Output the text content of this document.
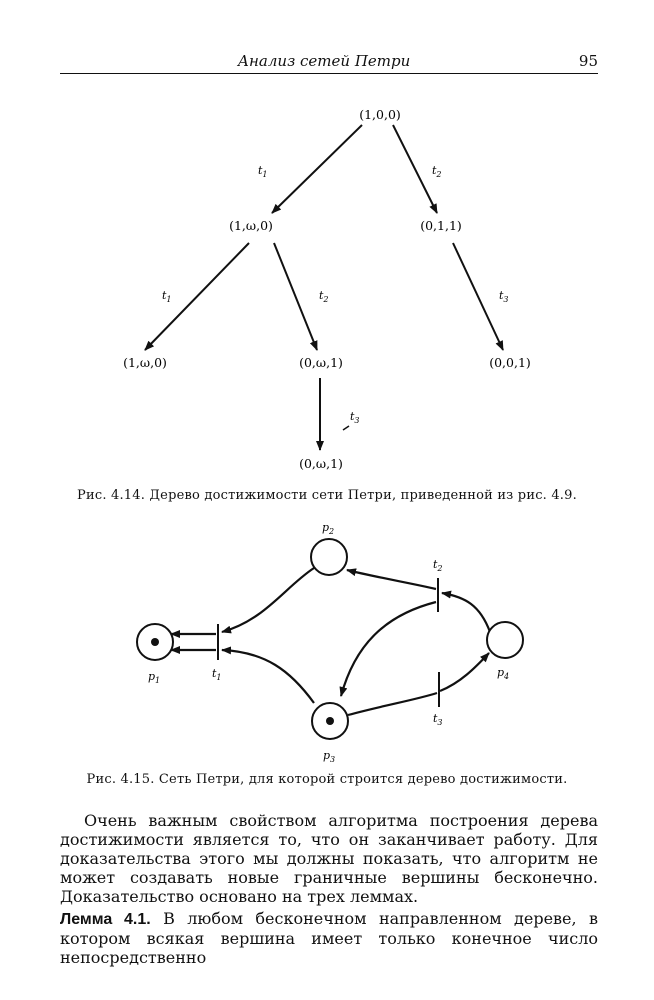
Анализ сетей Петри	95
(1,0,0)
(1,ω,0)	(0,1,1)
(1,ω,0)	(0,ω,1)	(0,0,1)
(0,ω,1)
$t_1$	$t_2$
$t_1$	$t_2$	$t_3$
$t_3$
Рис. 4.14. Дерево достижимости сети Петри, приведенной из рис. 4.9.
$p_1$
$p_2$
$p_3$
$p_4$
$t_1$
$t_2$
$t_3$
Рис. 4.15. Сеть Петри, для которой строится дерево достижимости.

Очень важным свойством алгоритма построения дерева достижимости является то, что он заканчивает работу. Для доказательства этого мы должны показать, что алгоритм не может создавать новые граничные вершины бесконечно. Доказательство основано на трех леммах.

Лемма 4.1. В любом бесконечном направленном дереве, в котором всякая вершина имеет только конечное число непосредственно
